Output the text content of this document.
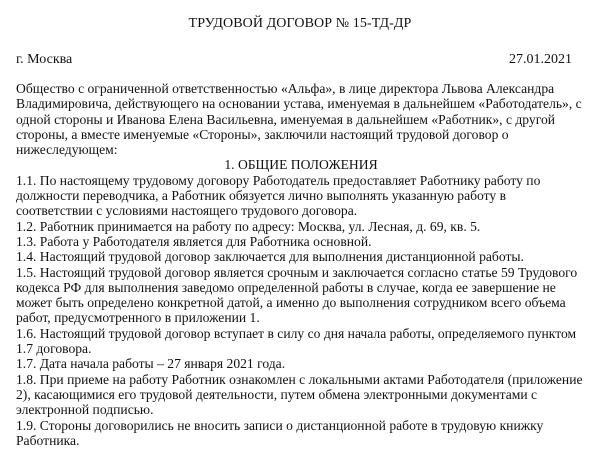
ТРУДОВОЙ ДОГОВОР № 15-ТД-ДР
г. Москва	27.01.2021

Общество с ограниченной ответственностью «Альфа», в лице директора Львова Александра Владимировича, действующего на основании устава, именуемая в дальнейшем «Работодатель», с одной стороны и Иванова Елена Васильевна, именуемая в дальнейшем «Работник», с другой стороны, а вместе именуемые «Стороны», заключили настоящий трудовой договор о нижеследующем:

1. ОБЩИЕ ПОЛОЖЕНИЯ

1.1. По настоящему трудовому договору Работодатель предоставляет Работнику работу по должности переводчика, а Работник обязуется лично выполнять указанную работу в соответствии с условиями настоящего трудового договора.

1.2. Работник принимается на работу по адресу: Москва, ул. Лесная, д. 69, кв. 5.

1.3. Работа у Работодателя является для Работника основной.

1.4. Настоящий трудовой договор заключается для выполнения дистанционной работы.

1.5. Настоящий трудовой договор является срочным и заключается согласно статье 59 Трудового кодекса РФ для выполнения заведомо определенной работы в случае, когда ее завершение не может быть определено конкретной датой, а именно до выполнения сотрудником всего объема работ, предусмотренного в приложении 1.

1.6. Настоящий трудовой договор вступает в силу со дня начала работы, определяемого пунктом 1.7 договора.

1.7. Дата начала работы – 27 января 2021 года.

1.8. При приеме на работу Работник ознакомлен с локальными актами Работодателя (приложение 2), касающимися его трудовой деятельности, путем обмена электронными документами с электронной подписью.

1.9. Стороны договорились не вносить записи о дистанционной работе в трудовую книжку Работника.
